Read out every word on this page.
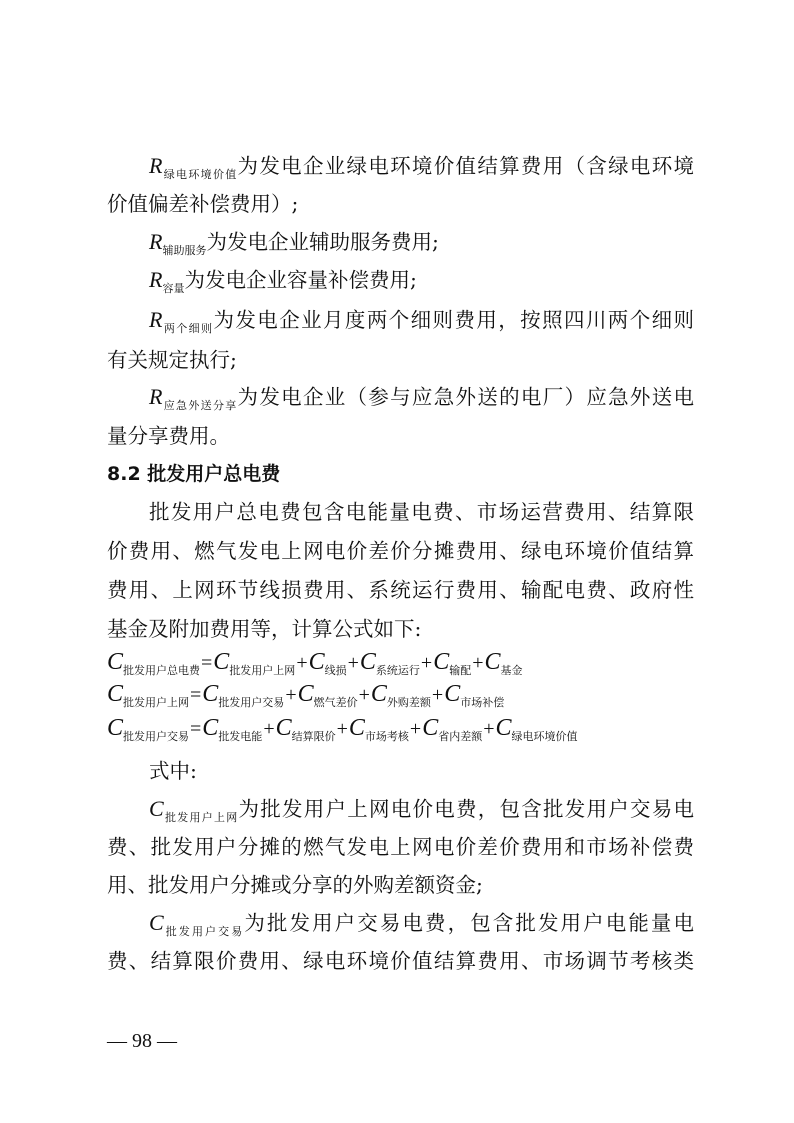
$R_{绿电环境价值}$为发电企业绿电环境价值结算费用（含绿电环境
价值偏差补偿费用）;
$R_{辅助服务}$为发电企业辅助服务费用;
$R_{容量}$为发电企业容量补偿费用;
$R_{两个细则}$为发电企业月度两个细则费用，按照四川两个细则
有关规定执行;
$R_{应急外送分享}$为发电企业（参与应急外送的电厂）应急外送电
量分享费用。
8.2 批发用户总电费
批发用户总电费包含电能量电费、市场运营费用、结算限
价费用、燃气发电上网电价差价分摊费用、绿电环境价值结算
费用、上网环节线损费用、系统运行费用、输配电费、政府性
基金及附加费用等，计算公式如下:
$C_{批发用户总电费}=C_{批发用户上网}+C_{线损}+C_{系统运行}+C_{输配}+C_{基金}$
$C_{批发用户上网}=C_{批发用户交易}+C_{燃气差价}+C_{外购差额}+C_{市场补偿}$
$C_{批发用户交易}=C_{批发电能}+C_{结算限价}+C_{市场考核}+C_{省内差额}+C_{绿电环境价值}$
式中:
$C_{批发用户上网}$为批发用户上网电价电费，包含批发用户交易电
费、批发用户分摊的燃气发电上网电价差价费用和市场补偿费
用、批发用户分摊或分享的外购差额资金;
$C_{批发用户交易}$为批发用户交易电费，包含批发用户电能量电
费、结算限价费用、绿电环境价值结算费用、市场调节考核类
— 98 —
